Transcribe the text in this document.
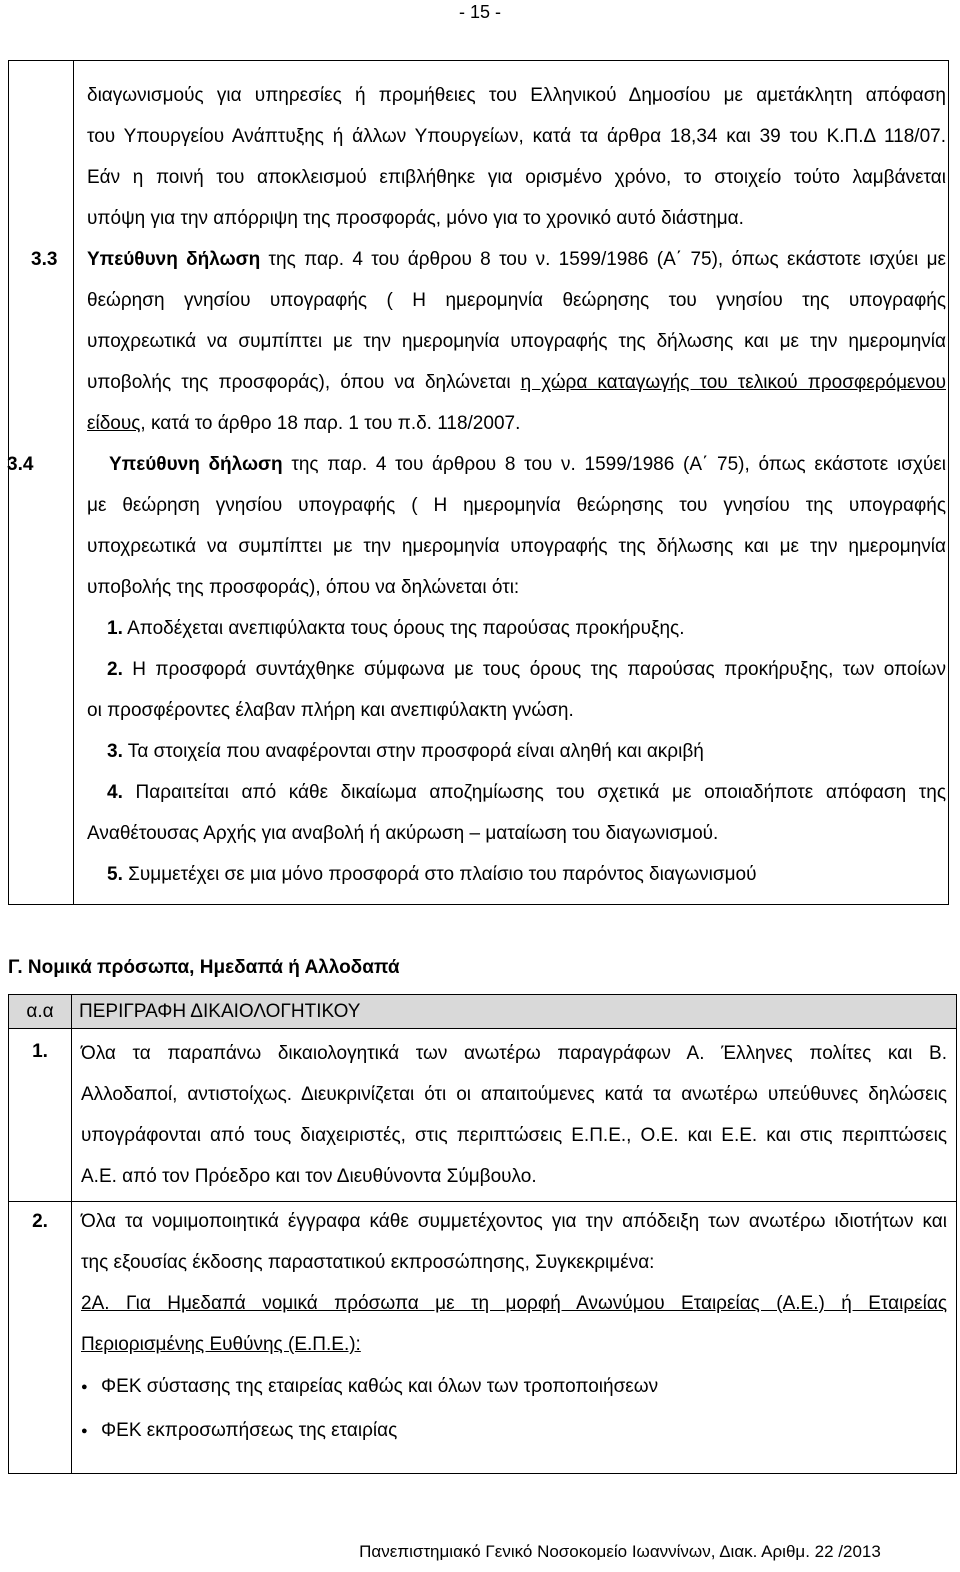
- 15 -

διαγωνισμούς για υπηρεσίες ή προμήθειες του Ελληνικού Δημοσίου με αμετάκλητη απόφαση

του Υπουργείου Ανάπτυξης ή άλλων Υπουργείων, κατά τα άρθρα 18,34 και 39 του Κ.Π.Δ 118/07.

Εάν η ποινή του αποκλεισμού επιβλήθηκε για ορισμένο χρόνο, το στοιχείο τούτο λαμβάνεται

υπόψη για την απόρριψη της προσφοράς, μόνο για το χρονικό αυτό διάστημα.

3.3	Υπεύθυνη δήλωση της παρ. 4 του άρθρου 8 του ν. 1599/1986 (Α΄ 75), όπως εκάστοτε ισχύει με

θεώρηση γνησίου υπογραφής ( Η ημερομηνία θεώρησης του γνησίου της υπογραφής

υποχρεωτικά να συμπίπτει με την ημερομηνία υπογραφής της δήλωσης και με την ημερομηνία

υποβολής της προσφοράς), όπου να δηλώνεται η χώρα καταγωγής του τελικού προσφερόμενου

είδους, κατά το άρθρο 18 παρ. 1 του π.δ. 118/2007.

3.4	Υπεύθυνη δήλωση της παρ. 4 του άρθρου 8 του ν. 1599/1986 (Α΄ 75), όπως εκάστοτε ισχύει

με θεώρηση γνησίου υπογραφής ( Η ημερομηνία θεώρησης του γνησίου της υπογραφής

υποχρεωτικά να συμπίπτει με την ημερομηνία υπογραφής της δήλωσης και με την ημερομηνία

υποβολής της προσφοράς), όπου να δηλώνεται ότι:

1. Αποδέχεται ανεπιφύλακτα τους όρους της παρούσας προκήρυξης.

2. Η προσφορά συντάχθηκε σύμφωνα με τους όρους της παρούσας προκήρυξης, των οποίων

οι προσφέροντες έλαβαν πλήρη και ανεπιφύλακτη γνώση.

3. Τα στοιχεία που αναφέρονται στην προσφορά είναι αληθή και ακριβή

4. Παραιτείται από κάθε δικαίωμα αποζημίωσης του σχετικά με οποιαδήποτε απόφαση της

Αναθέτουσας Αρχής για αναβολή ή ακύρωση – ματαίωση του διαγωνισμού.

5. Συμμετέχει σε μια μόνο προσφορά στο πλαίσιο του παρόντος διαγωνισμού

Γ. Νομικά πρόσωπα, Ημεδαπά ή Αλλοδαπά
α.α	ΠΕΡΙΓΡΑΦΗ ΔΙΚΑΙΟΛΟΓΗΤΙΚΟΥ
1.	Όλα τα παραπάνω δικαιολογητικά των ανωτέρω παραγράφων Α. Έλληνες πολίτες και Β.

Αλλοδαποί, αντιστοίχως. Διευκρινίζεται ότι οι απαιτούμενες κατά τα ανωτέρω υπεύθυνες δηλώσεις

υπογράφονται από τους διαχειριστές, στις περιπτώσεις Ε.Π.Ε., Ο.Ε. και Ε.Ε. και στις περιπτώσεις

Α.Ε. από τον Πρόεδρο και τον Διευθύνοντα Σύμβουλο.

2.	Όλα τα νομιμοποιητικά έγγραφα κάθε συμμετέχοντος για την απόδειξη των ανωτέρω ιδιοτήτων και

της εξουσίας έκδοσης παραστατικού εκπροσώπησης, Συγκεκριμένα:

2Α. Για Ημεδαπά νομικά πρόσωπα με τη μορφή Ανωνύμου Εταιρείας (Α.Ε.) ή Εταιρείας

Περιορισμένης Ευθύνης (Ε.Π.Ε.):

● ΦΕΚ σύστασης της εταιρείας καθώς και όλων των τροποποιήσεων
● ΦΕΚ εκπροσωπήσεως της εταιρίας
Πανεπιστημιακό Γενικό Νοσοκομείο Ιωαννίνων, Διακ. Αριθμ. 22 /2013
